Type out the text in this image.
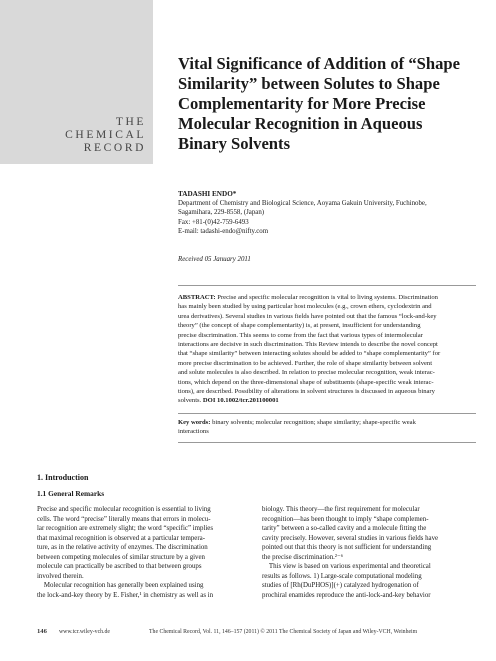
THE
CHEMICAL
RECORD
Vital Significance of Addition of “Shape
Similarity” between Solutes to Shape
Complementarity for More Precise
Molecular Recognition in Aqueous
Binary Solvents
TADASHI ENDO*
Department of Chemistry and Biological Science, Aoyama Gakuin University, Fuchinobe,
Sagamihara, 229-8558, (Japan)
Fax: +81-(0)42-759-6493
E-mail: tadashi-endo@nifty.com
Received 05 January 2011
ABSTRACT: Precise and specific molecular recognition is vital to living systems. Discrimination
has mainly been studied by using particular host molecules (e.g., crown ethers, cyclodextrin and
urea derivatives). Several studies in various fields have pointed out that the famous “lock-and-key
theory” (the concept of shape complementarity) is, at present, insufficient for understanding
precise discrimination. This seems to come from the fact that various types of intermolecular
interactions are decisive in such discrimination. This Review intends to describe the novel concept
that “shape similarity” between interacting solutes should be added to “shape complementarity” for
more precise discrimination to be achieved. Further, the role of shape similarity between solvent
and solute molecules is also described. In relation to precise molecular recognition, weak interac-
tions, which depend on the three-dimensional shape of substituents (shape-specific weak interac-
tions), are described. Possibility of alterations in solvent structures is discussed in aqueous binary
solvents. DOI 10.1002/tcr.201100001
Key words: binary solvents; molecular recognition; shape similarity; shape-specific weak
interactions
1. Introduction
1.1 General Remarks
Precise and specific molecular recognition is essential to living
cells. The word “precise” literally means that errors in molecu-
lar recognition are extremely slight; the word “specific” implies
that maximal recognition is observed at a particular tempera-
ture, as in the relative activity of enzymes. The discrimination
between competing molecules of similar structure by a given
molecule can practically be ascribed to that between groups
involved therein.
 Molecular recognition has generally been explained using
the lock-and-key theory by E. Fisher,¹ in chemistry as well as in
biology. This theory—the first requirement for molecular
recognition—has been thought to imply “shape complemen-
tarity” between a so-called cavity and a molecule fitting the
cavity precisely. However, several studies in various fields have
pointed out that this theory is not sufficient for understanding
the precise discrimination.²⁻⁶
 This view is based on various experimental and theoretical
results as follows. 1) Large-scale computational modeling
studies of [Rh(DuPHOS)](+) catalyzed hydrogenation of
prochiral enamides reproduce the anti-lock-and-key behavior
146 www.tcr.wiley-vch.de	The Chemical Record, Vol. 11, 146–157 (2011) © 2011 The Chemical Society of Japan and Wiley-VCH, Weinheim
